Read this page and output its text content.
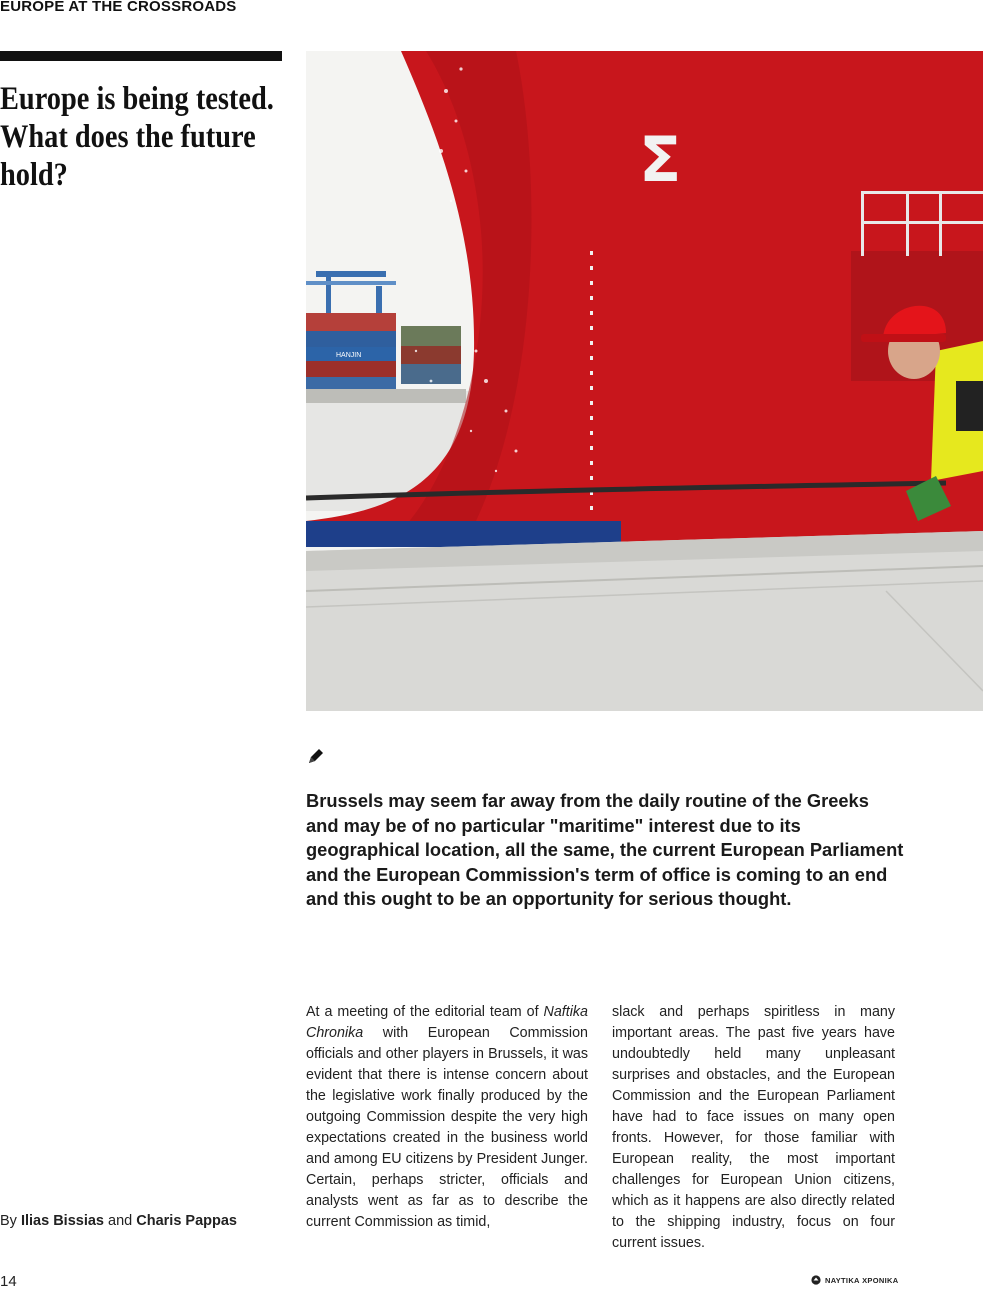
EUROPE AT THE CROSSROADS
Europe is being tested. What does the future hold?
HANJIN
Σ
Brussels may seem far away from the daily routine of the Greeks and may be of no particular "maritime" interest due to its geographical location, all the same, the current European Parliament and the European Commission's term of office is coming to an end and this ought to be an opportunity for serious thought.
At a meeting of the editorial team of Naftika Chronika with European Commission officials and other players in Brussels, it was evident that there is intense concern about the legislative work finally produced by the outgoing Commission despite the very high expectations created in the business world and among EU citizens by President Junger. Certain, perhaps stricter, officials and analysts went as far as to describe the current Commission as timid,
slack and perhaps spiritless in many important areas. The past five years have undoubtedly held many unpleasant surprises and obstacles, and the European Commission and the European Parliament have had to face issues on many open fronts. However, for those familiar with European reality, the most important challenges for European Union citizens, which as it happens are also directly related to the shipping industry, focus on four current issues.
By Ilias Bissias and Charis Pappas
14	ΝΑΥΤΙΚΑ ΧΡΟΝΙΚΑ
